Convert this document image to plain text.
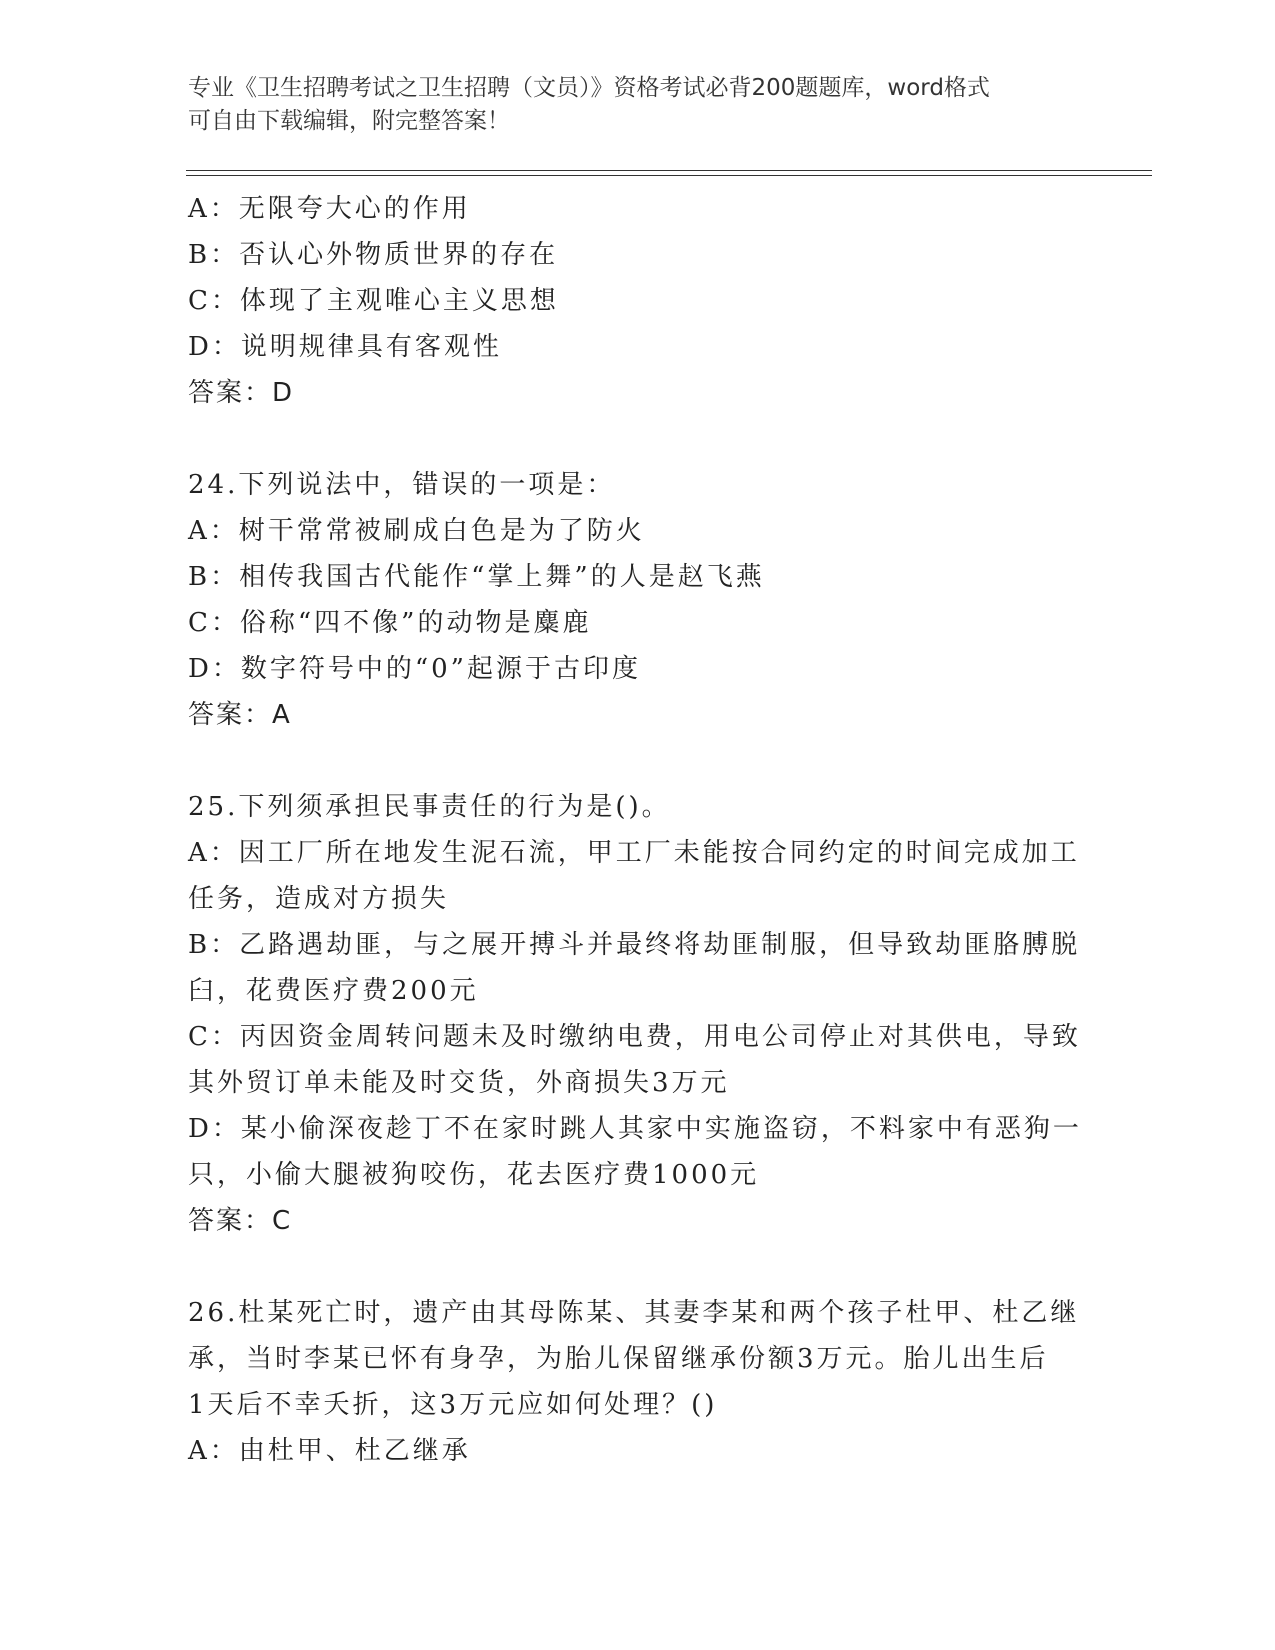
专业《卫生招聘考试之卫生招聘（文员）》资格考试必背200题题库，word格式
可自由下载编辑，附完整答案！
A：无限夸大心的作用
B：否认心外物质世界的存在
C：体现了主观唯心主义思想
D：说明规律具有客观性
答案：D
24.下列说法中，错误的一项是：
A：树干常常被刷成白色是为了防火
B：相传我国古代能作“掌上舞”的人是赵飞燕
C：俗称“四不像”的动物是麋鹿
D：数字符号中的“0”起源于古印度
答案：A
25.下列须承担民事责任的行为是()。
A：因工厂所在地发生泥石流，甲工厂未能按合同约定的时间完成加工
任务，造成对方损失
B：乙路遇劫匪，与之展开搏斗并最终将劫匪制服，但导致劫匪胳膊脱
臼，花费医疗费200元
C：丙因资金周转问题未及时缴纳电费，用电公司停止对其供电，导致
其外贸订单未能及时交货，外商损失3万元
D：某小偷深夜趁丁不在家时跳人其家中实施盗窃，不料家中有恶狗一
只，小偷大腿被狗咬伤，花去医疗费1000元
答案：C
26.杜某死亡时，遗产由其母陈某、其妻李某和两个孩子杜甲、杜乙继
承，当时李某已怀有身孕，为胎儿保留继承份额3万元。胎儿出生后
1天后不幸夭折，这3万元应如何处理？()
A：由杜甲、杜乙继承
